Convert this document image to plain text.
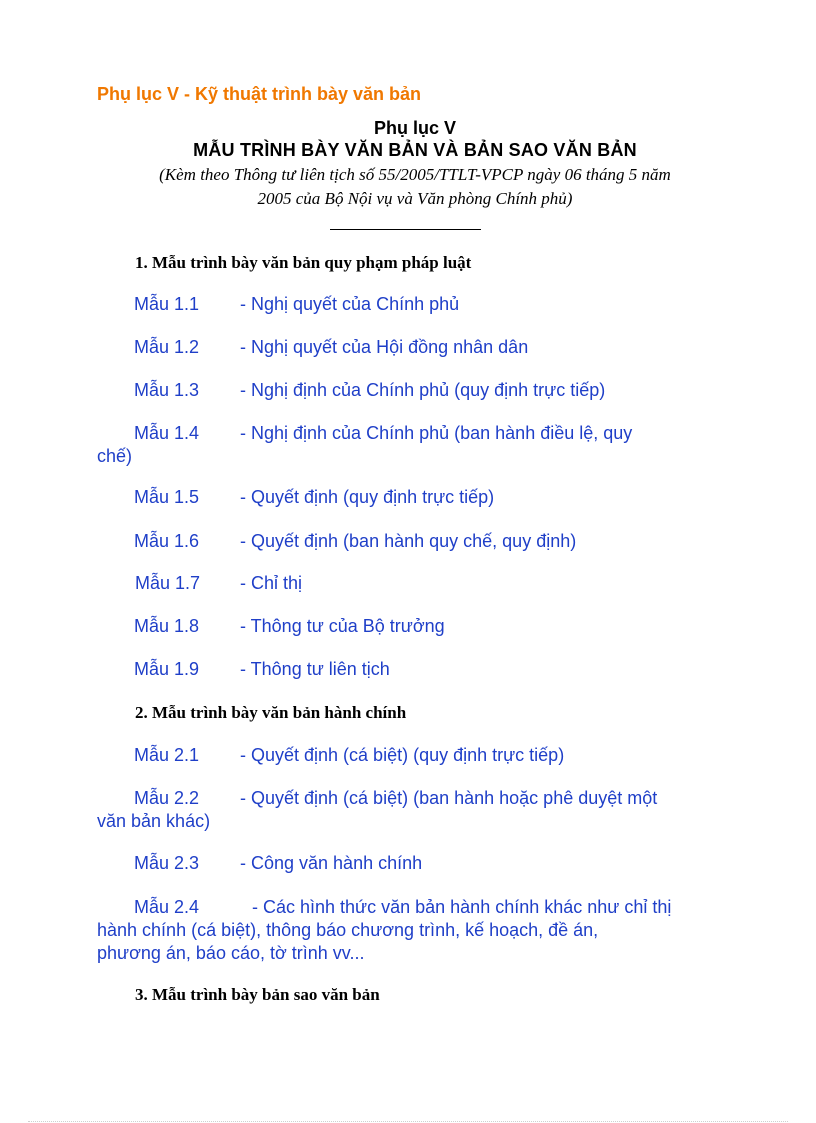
Phụ lục V - Kỹ thuật trình bày văn bản
Phụ lục V
MẪU TRÌNH BÀY VĂN BẢN VÀ BẢN SAO VĂN BẢN
(Kèm theo Thông tư liên tịch số 55/2005/TTLT-VPCP ngày 06 tháng 5 năm
2005 của Bộ Nội vụ và Văn phòng Chính phủ)
1. Mẫu trình bày văn bản quy phạm pháp luật
Mẫu 1.1 - Nghị quyết của Chính phủ
Mẫu 1.2 - Nghị quyết của Hội đồng nhân dân
Mẫu 1.3 - Nghị định của Chính phủ (quy định trực tiếp)
Mẫu 1.4 - Nghị định của Chính phủ (ban hành điều lệ, quy
chế)
Mẫu 1.5 - Quyết định (quy định trực tiếp)
Mẫu 1.6 - Quyết định (ban hành quy chế, quy định)
Mẫu 1.7 - Chỉ thị
Mẫu 1.8 - Thông tư của Bộ trưởng
Mẫu 1.9 - Thông tư liên tịch
2. Mẫu trình bày văn bản hành chính
Mẫu 2.1 - Quyết định (cá biệt) (quy định trực tiếp)
Mẫu 2.2 - Quyết định (cá biệt) (ban hành hoặc phê duyệt một
văn bản khác)
Mẫu 2.3 - Công văn hành chính
Mẫu 2.4	- Các hình thức văn bản hành chính khác như chỉ thị
hành chính (cá biệt), thông báo chương trình, kế hoạch, đề án,
phương án, báo cáo, tờ trình vv...
3. Mẫu trình bày bản sao văn bản
